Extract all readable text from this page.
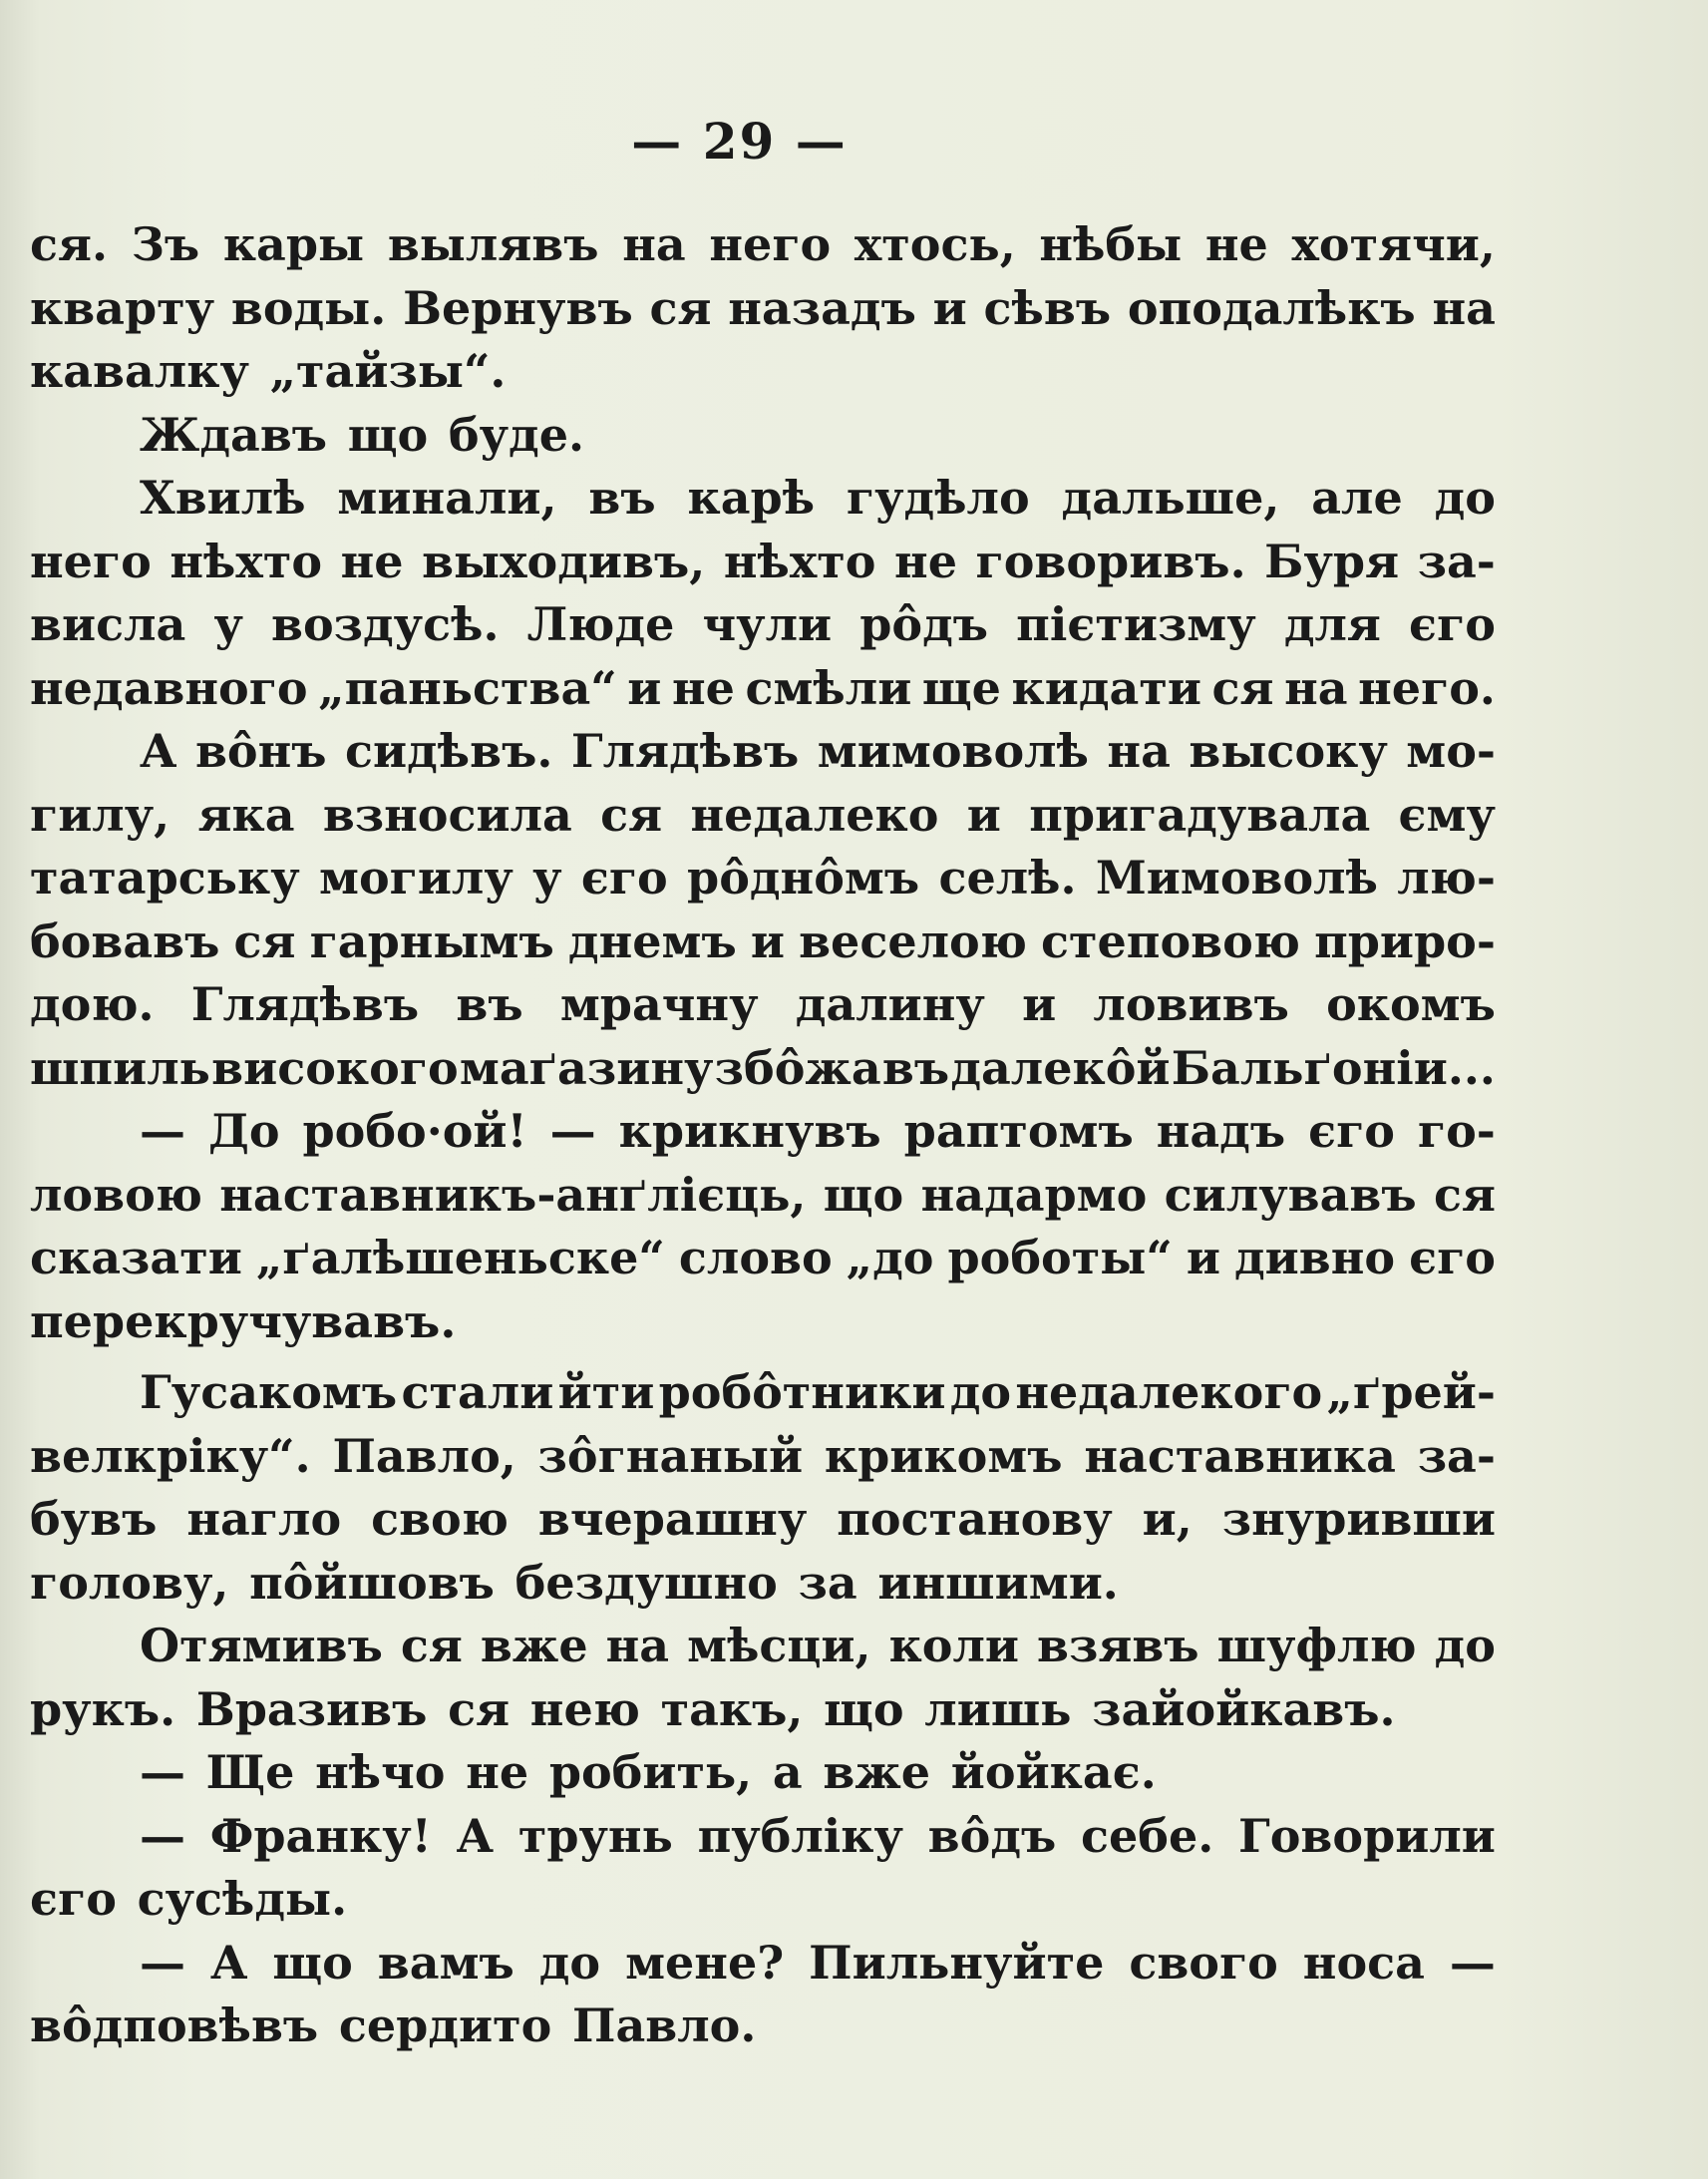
— 29 —
ся. Зъ кары вылявъ на него хтось, нѣбы не хотячи,
кварту воды. Вернувъ ся назадъ и сѣвъ оподалѣкъ на
кавалку „тайзы“.
Ждавъ що буде.
Хвилѣ минали, въ карѣ гудѣло дальше, але до
него нѣхто не выходивъ, нѣхто не говоривъ. Буря за-
висла у воздусѣ. Люде чули рôдъ пієтизму для єго
недавного „паньства“ и не смѣли ще кидати ся на него.
А вôнъ сидѣвъ. Глядѣвъ мимоволѣ на высоку мо-
гилу, яка взносила ся недалеко и пригадувала єму
татарську могилу у єго рôднôмъ селѣ. Мимоволѣ лю-
бовавъ ся гарнымъ днемъ и веселою степовою приро-
дою. Глядѣвъ въ мрачну далину и ловивъ окомъ
шпиль високого маґазину збôжа въ далекôй Бальґоніи...
— До робо·ой! — крикнувъ раптомъ надъ єго го-
ловою наставникъ-анґлієць, що надармо силувавъ ся
сказати „ґалѣшеньске“ слово „до роботы“ и дивно єго
перекручувавъ.
Гусакомъ стали йти робôтники до недалекого „ґрей-
велкріку“. Павло, зôгнаный крикомъ наставника за-
бувъ нагло свою вчерашну постанову и, знуривши
голову, пôйшовъ бездушно за иншими.
Отямивъ ся вже на мѣсци, коли взявъ шуфлю до
рукъ. Вразивъ ся нею такъ, що лишь зайойкавъ.
— Ще нѣчо не робить, а вже йойкає.
— Франку! А трунь публіку вôдъ себе. Говорили
єго сусѣды.
— А що вамъ до мене? Пильнуйте свого носа —
вôдповѣвъ сердито Павло.
